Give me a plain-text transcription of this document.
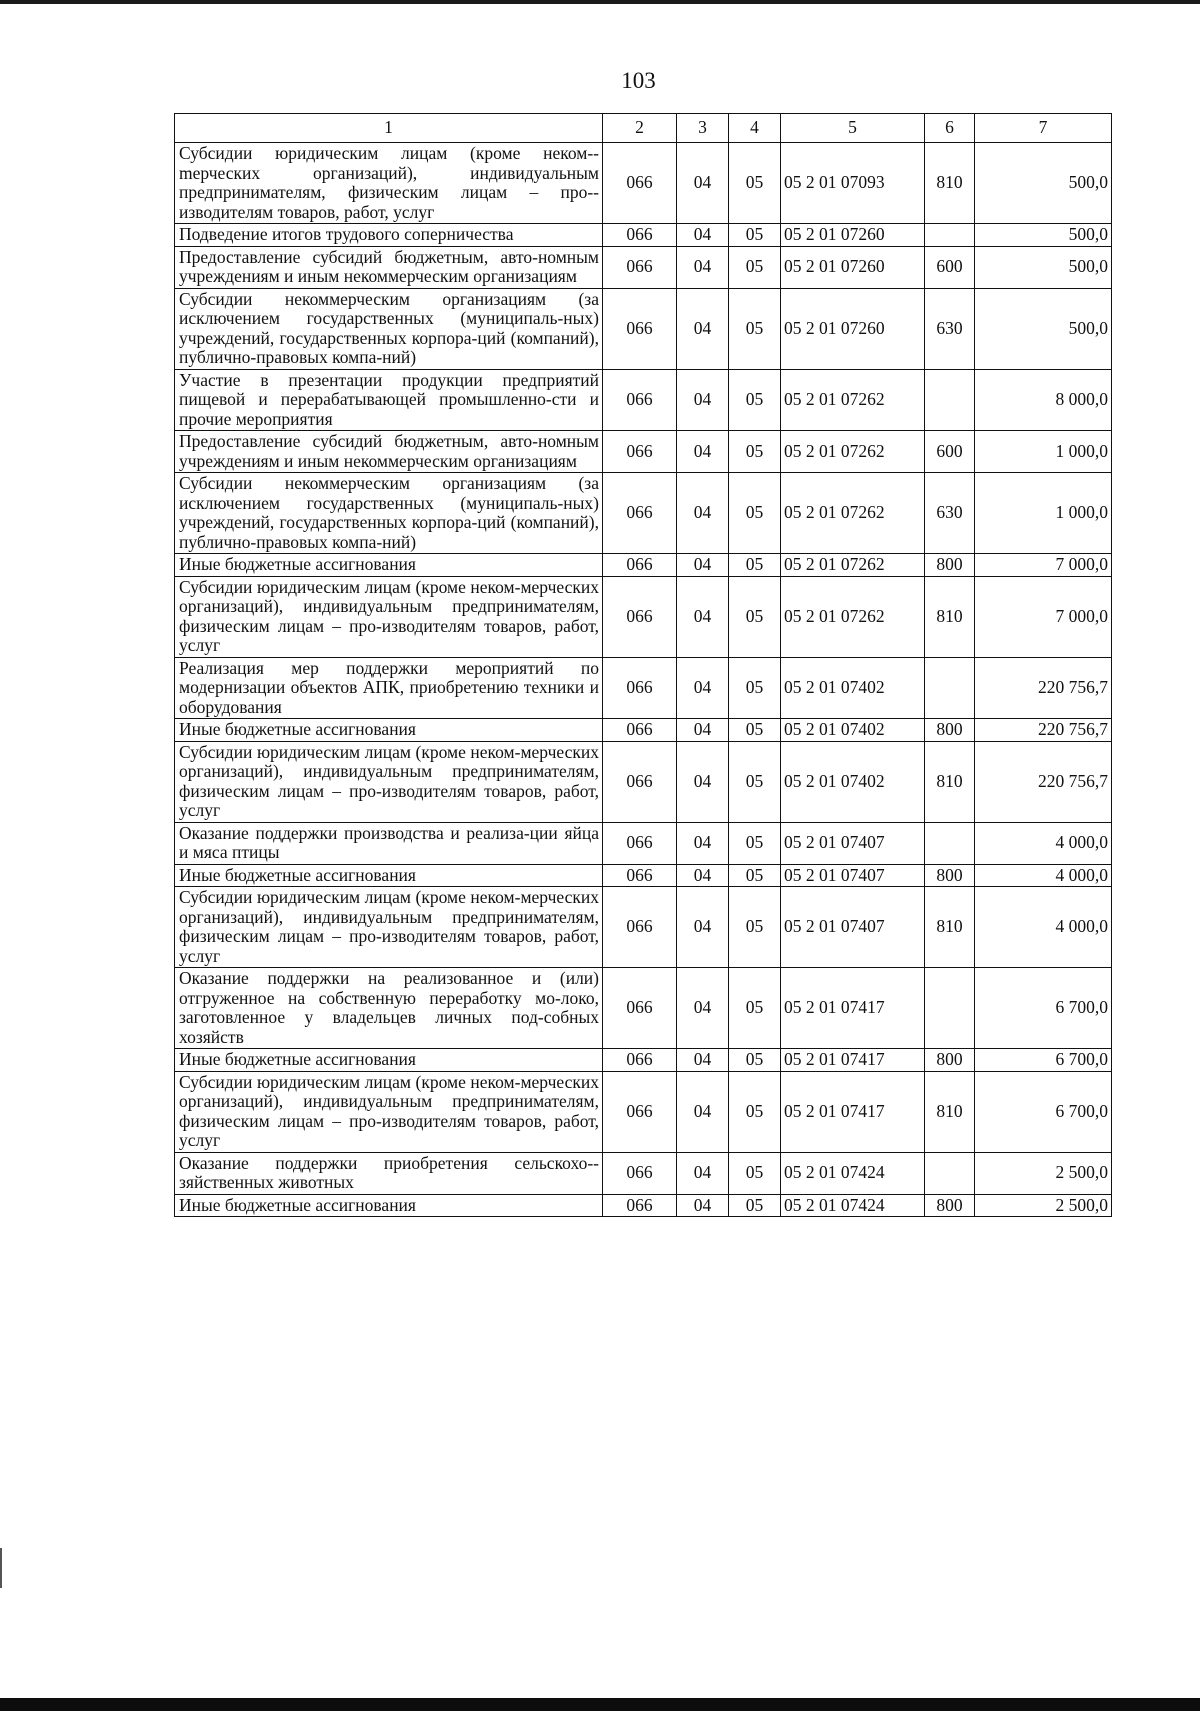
103
1	2	3	4	5	6	7
Субсидии юридическим лицам (кроме неком-mерческих организаций), индивидуальным предпринимателям, физическим лицам – про-изводителям товаров, работ, услуг	066	04	05	05 2 01 07093	810	500,0
Подведение итогов трудового соперничества	066	04	05	05 2 01 07260		500,0
Предоставление субсидий бюджетным, авто-номным учреждениям и иным некоммерческим организациям	066	04	05	05 2 01 07260	600	500,0
Субсидии некоммерческим организациям (за исключением государственных (муниципаль-ных) учреждений, государственных корпора-ций (компаний), публично-правовых компа-ний)	066	04	05	05 2 01 07260	630	500,0
Участие в презентации продукции предприятий пищевой и перерабатывающей промышленно-сти и прочие мероприятия	066	04	05	05 2 01 07262		8 000,0
Предоставление субсидий бюджетным, авто-номным учреждениям и иным некоммерческим организациям	066	04	05	05 2 01 07262	600	1 000,0
Субсидии некоммерческим организациям (за исключением государственных (муниципаль-ных) учреждений, государственных корпора-ций (компаний), публично-правовых компа-ний)	066	04	05	05 2 01 07262	630	1 000,0
Иные бюджетные ассигнования	066	04	05	05 2 01 07262	800	7 000,0
Субсидии юридическим лицам (кроме неком-мерческих организаций), индивидуальным предпринимателям, физическим лицам – про-изводителям товаров, работ, услуг	066	04	05	05 2 01 07262	810	7 000,0
Реализация мер поддержки мероприятий по модернизации объектов АПК, приобретению техники и оборудования	066	04	05	05 2 01 07402		220 756,7
Иные бюджетные ассигнования	066	04	05	05 2 01 07402	800	220 756,7
Субсидии юридическим лицам (кроме неком-мерческих организаций), индивидуальным предпринимателям, физическим лицам – про-изводителям товаров, работ, услуг	066	04	05	05 2 01 07402	810	220 756,7
Оказание поддержки производства и реализа-ции яйца и мяса птицы	066	04	05	05 2 01 07407		4 000,0
Иные бюджетные ассигнования	066	04	05	05 2 01 07407	800	4 000,0
Субсидии юридическим лицам (кроме неком-мерческих организаций), индивидуальным предпринимателям, физическим лицам – про-изводителям товаров, работ, услуг	066	04	05	05 2 01 07407	810	4 000,0
Оказание поддержки на реализованное и (или) отгруженное на собственную переработку мо-локо, заготовленное у владельцев личных под-собных хозяйств	066	04	05	05 2 01 07417		6 700,0
Иные бюджетные ассигнования	066	04	05	05 2 01 07417	800	6 700,0
Субсидии юридическим лицам (кроме неком-мерческих организаций), индивидуальным предпринимателям, физическим лицам – про-изводителям товаров, работ, услуг	066	04	05	05 2 01 07417	810	6 700,0
Оказание поддержки приобретения сельскохо-зяйственных животных	066	04	05	05 2 01 07424		2 500,0
Иные бюджетные ассигнования	066	04	05	05 2 01 07424	800	2 500,0
